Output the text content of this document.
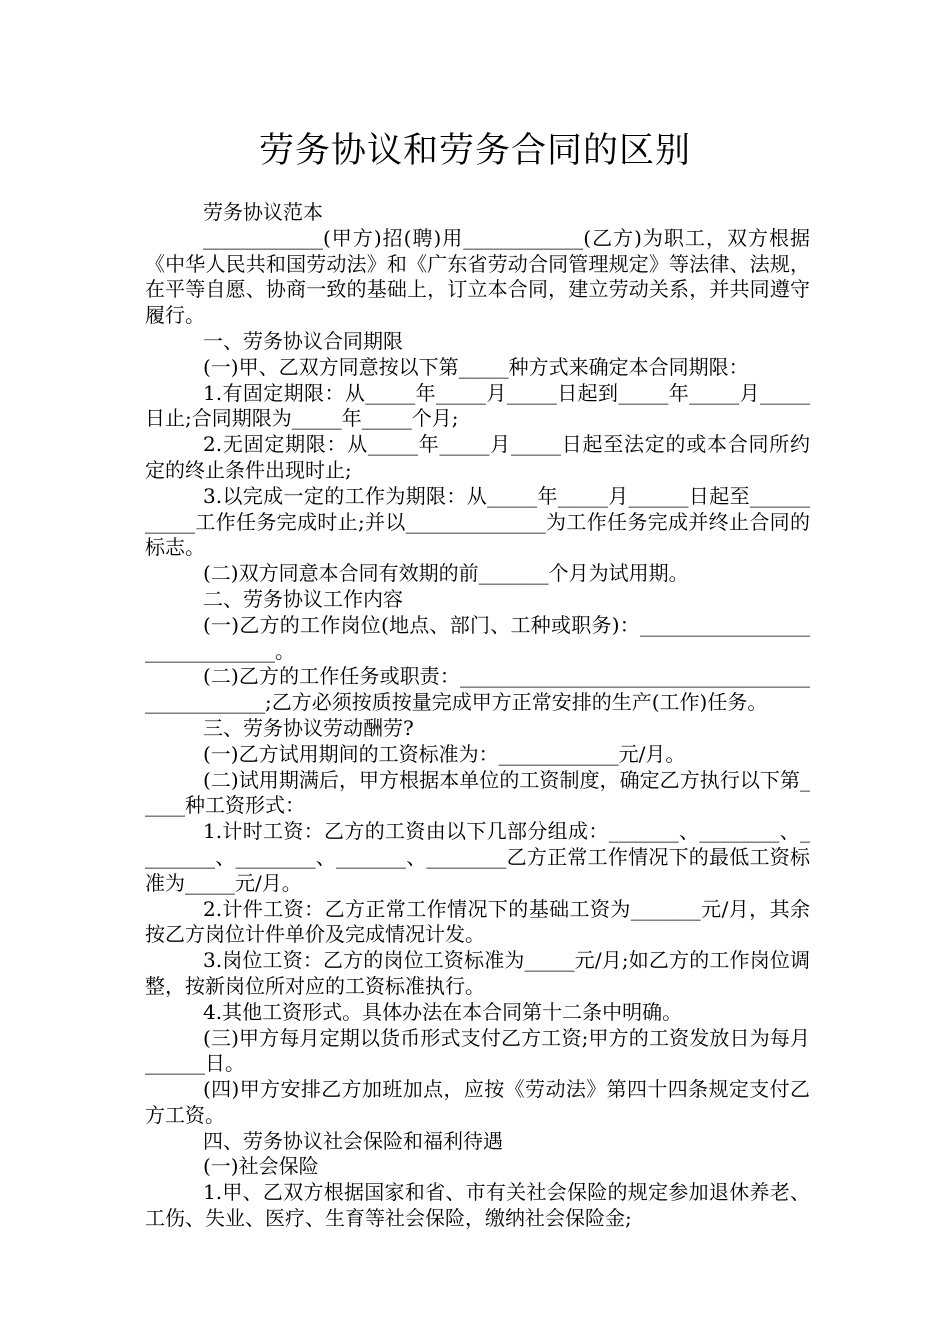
劳务协议和劳务合同的区别

劳务协议范本

____________(甲方)招(聘)用____________(乙方)为职工，双方根据《中华人民共和国劳动法》和《广东省劳动合同管理规定》等法律、法规，在平等自愿、协商一致的基础上，订立本合同，建立劳动关系，并共同遵守履行。

一、劳务协议合同期限

(一)甲、乙双方同意按以下第_____种方式来确定本合同期限：

1.有固定期限：从_____年_____月_____日起到_____年_____月_____日止;合同期限为_____年_____个月;

2.无固定期限：从_____年_____月_____日起至法定的或本合同所约定的终止条件出现时止;

3.以完成一定的工作为期限：从_____年_____月______日起至___________工作任务完成时止;并以______________为工作任务完成并终止合同的标志。

(二)双方同意本合同有效期的前_______个月为试用期。

二、劳务协议工作内容

(一)乙方的工作岗位(地点、部门、工种或职务)：______________________________。

(二)乙方的工作任务或职责：_______________________________________________;乙方必须按质按量完成甲方正常安排的生产(工作)任务。

三、劳务协议劳动酬劳?

(一)乙方试用期间的工资标准为：____________元/月。

(二)试用期满后，甲方根据本单位的工资制度，确定乙方执行以下第_____种工资形式：

1.计时工资：乙方的工资由以下几部分组成：_______、________、________、________、_______、________乙方正常工作情况下的最低工资标准为_____元/月。

2.计件工资：乙方正常工作情况下的基础工资为_______元/月，其余按乙方岗位计件单价及完成情况计发。

3.岗位工资：乙方的岗位工资标准为_____元/月;如乙方的工作岗位调整，按新岗位所对应的工资标准执行。

4.其他工资形式。具体办法在本合同第十二条中明确。

(三)甲方每月定期以货币形式支付乙方工资;甲方的工资发放日为每月______日。

(四)甲方安排乙方加班加点，应按《劳动法》第四十四条规定支付乙方工资。

四、劳务协议社会保险和福利待遇

(一)社会保险

1.甲、乙双方根据国家和省、市有关社会保险的规定参加退休养老、工伤、失业、医疗、生育等社会保险，缴纳社会保险金;
